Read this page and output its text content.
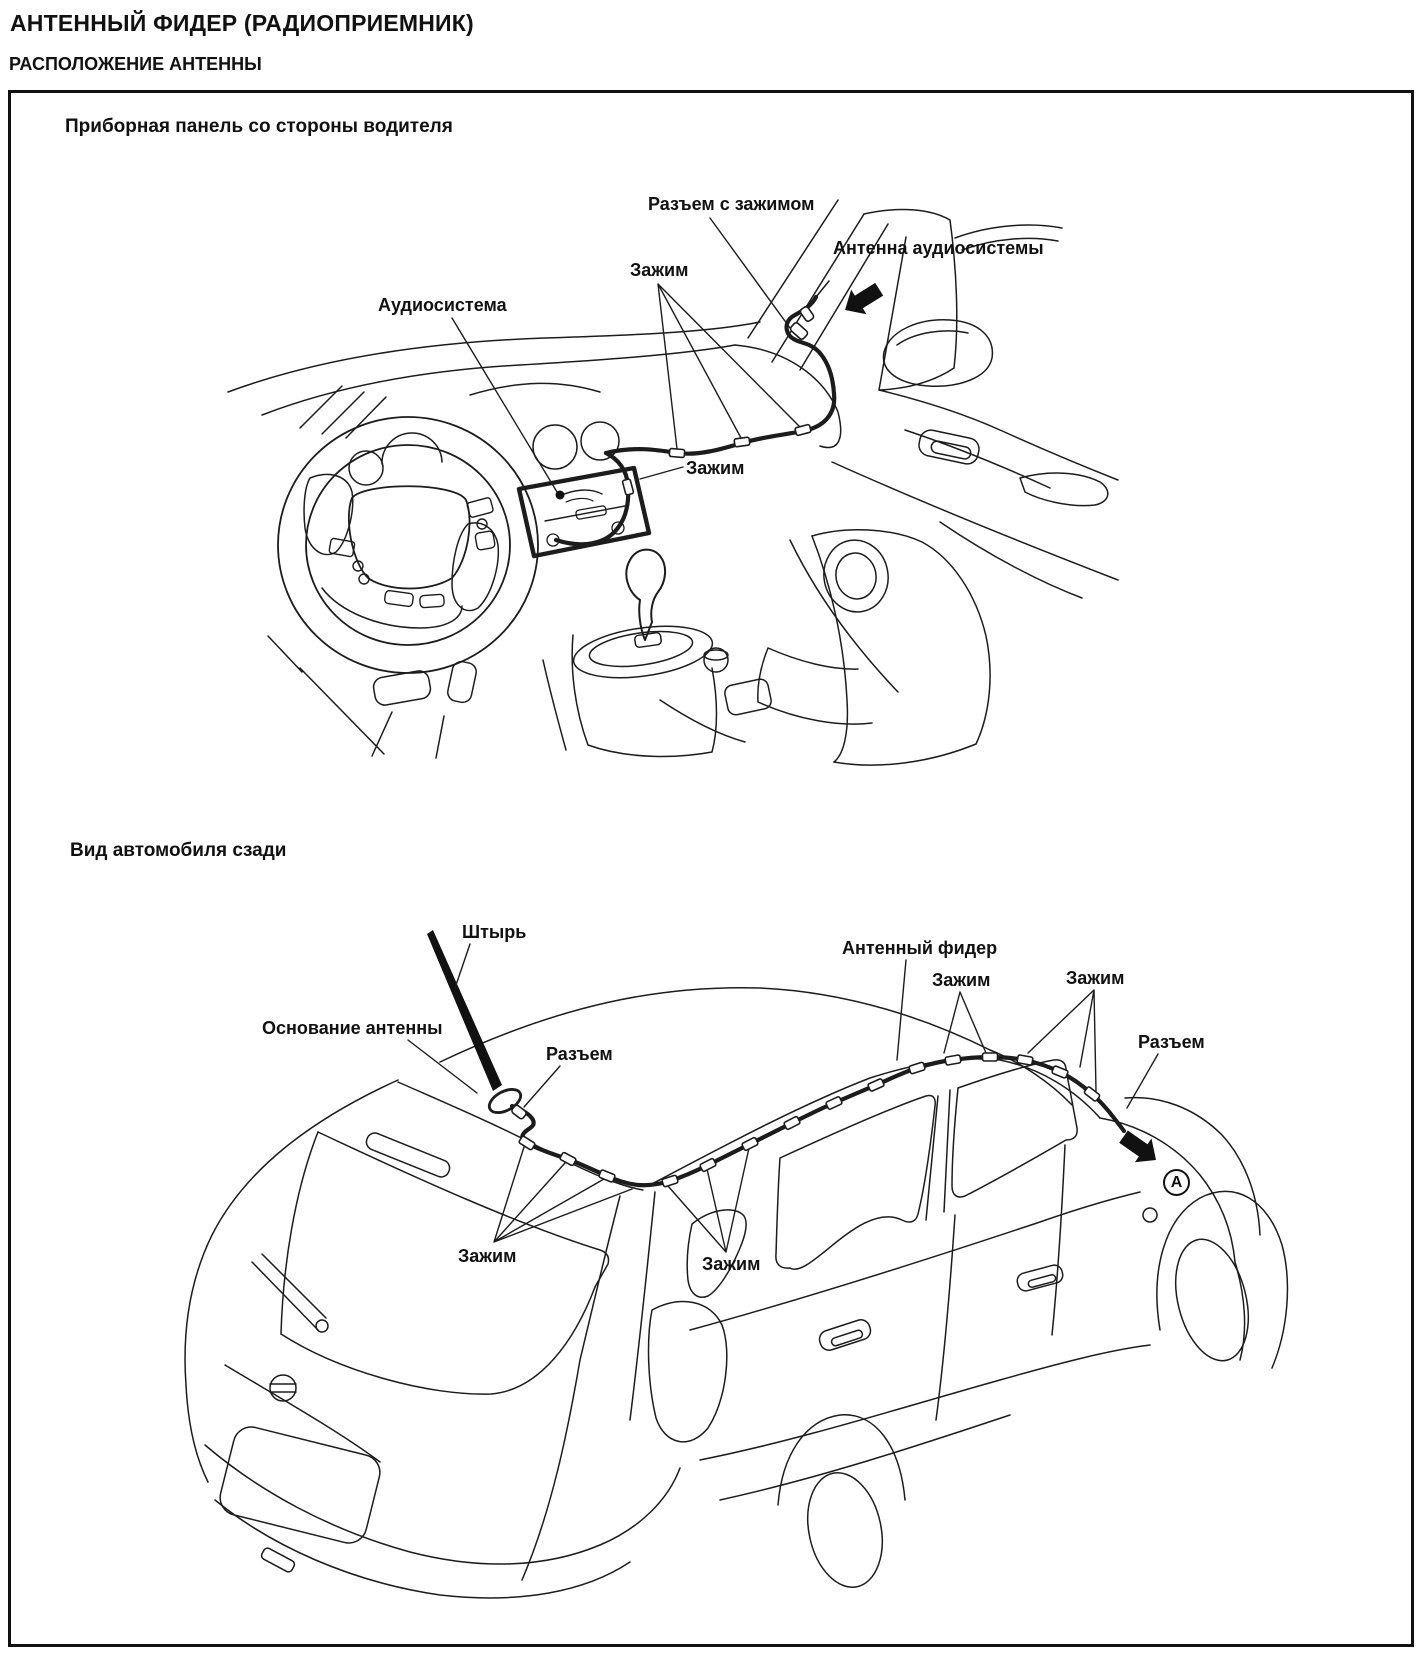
АНТЕННЫЙ ФИДЕР (РАДИОПРИЕМНИК)
РАСПОЛОЖЕНИЕ АНТЕННЫ
Приборная панель со стороны водителя
Разъем с зажимом
Зажим
Аудиосистема
Антенна аудиосистемы
Зажим
Вид автомобиля сзади
Штырь
Основание антенны
Разъем
Антенный фидер
Зажим	Зажим
Разъем
Зажим	Зажим
A
